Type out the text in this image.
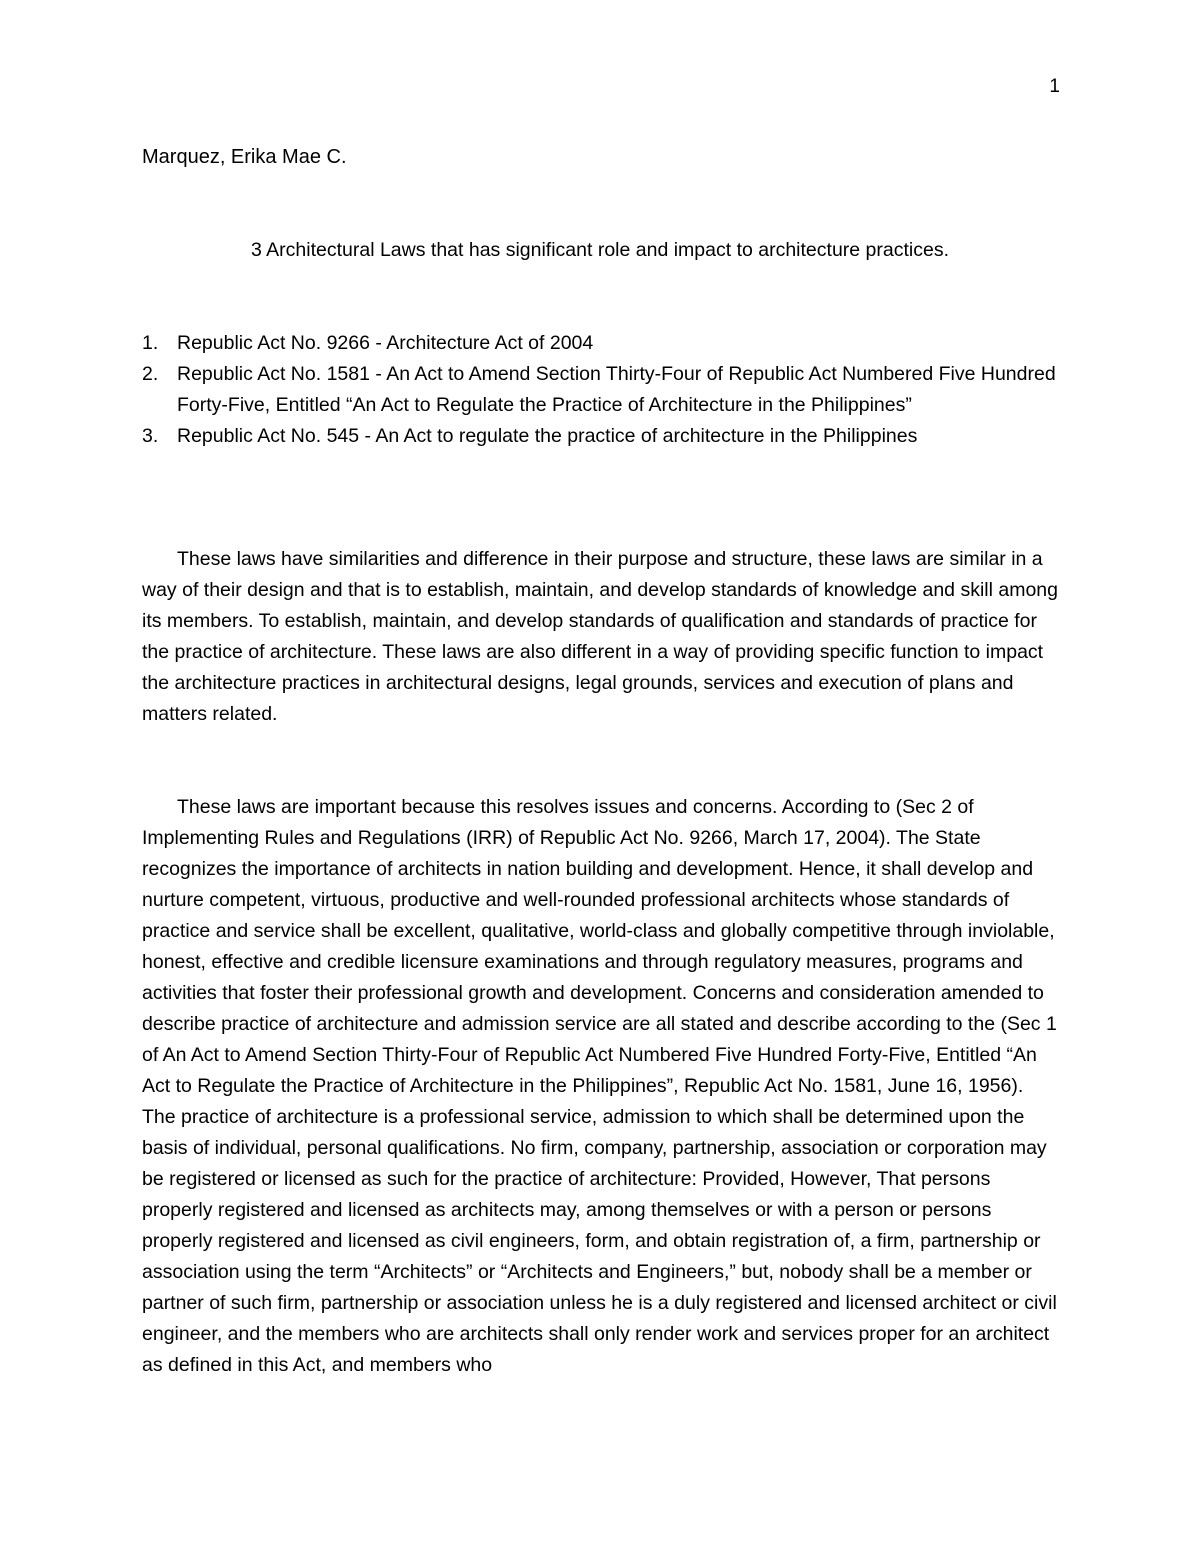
1

Marquez, Erika Mae C.

3 Architectural Laws that has significant role and impact to architecture practices.
1. Republic Act No. 9266 - Architecture Act of 2004
2. Republic Act No. 1581 - An Act to Amend Section Thirty-Four of Republic Act Numbered Five Hundred Forty-Five, Entitled “An Act to Regulate the Practice of Architecture in the Philippines”
3. Republic Act No. 545 - An Act to regulate the practice of architecture in the Philippines

These laws have similarities and difference in their purpose and structure, these laws are similar in a way of their design and that is to establish, maintain, and develop standards of knowledge and skill among its members. To establish, maintain, and develop standards of qualification and standards of practice for the practice of architecture. These laws are also different in a way of providing specific function to impact the architecture practices in architectural designs, legal grounds, services and execution of plans and matters related.

These laws are important because this resolves issues and concerns. According to (Sec 2 of Implementing Rules and Regulations (IRR) of Republic Act No. 9266, March 17, 2004). The State recognizes the importance of architects in nation building and development. Hence, it shall develop and nurture competent, virtuous, productive and well-rounded professional architects whose standards of practice and service shall be excellent, qualitative, world-class and globally competitive through inviolable, honest, effective and credible licensure examinations and through regulatory measures, programs and activities that foster their professional growth and development. Concerns and consideration amended to describe practice of architecture and admission service are all stated and describe according to the (Sec 1 of An Act to Amend Section Thirty-Four of Republic Act Numbered Five Hundred Forty-Five, Entitled “An Act to Regulate the Practice of Architecture in the Philippines”, Republic Act No. 1581, June 16, 1956). The practice of architecture is a professional service, admission to which shall be determined upon the basis of individual, personal qualifications. No firm, company, partnership, association or corporation may be registered or licensed as such for the practice of architecture: Provided, However, That persons properly registered and licensed as architects may, among themselves or with a person or persons properly registered and licensed as civil engineers, form, and obtain registration of, a firm, partnership or association using the term “Architects” or “Architects and Engineers,” but, nobody shall be a member or partner of such firm, partnership or association unless he is a duly registered and licensed architect or civil engineer, and the members who are architects shall only render work and services proper for an architect as defined in this Act, and members who
